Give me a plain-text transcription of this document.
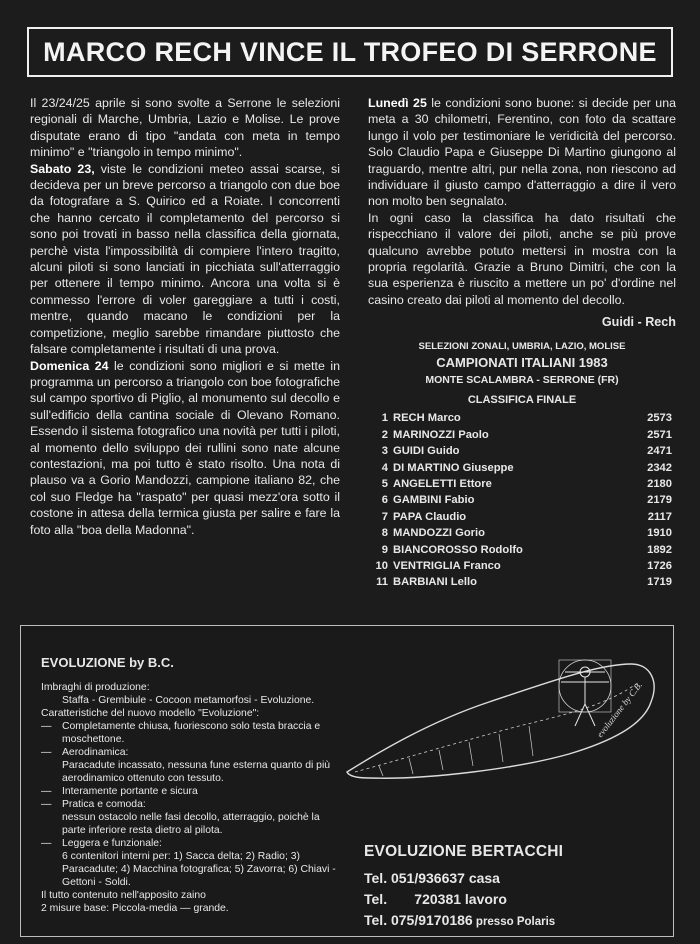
MARCO RECH VINCE IL TROFEO DI SERRONE

Il 23/24/25 aprile si sono svolte a Serrone le selezioni regionali di Marche, Umbria, Lazio e Molise. Le prove disputate erano di tipo "andata con meta in tempo minimo" e "triangolo in tempo minimo".

Sabato 23, viste le condizioni meteo assai scarse, si decideva per un breve percorso a triangolo con due boe da fotografare a S. Quirico ed a Roiate. I concorrenti che hanno cercato il completamento del percorso si sono poi trovati in basso nella classifica della giornata, perchè vista l'impossibilità di compiere l'intero tragitto, alcuni piloti si sono lanciati in picchiata sull'atterraggio per ottenere il tempo minimo. Ancora una volta si è commesso l'errore di voler gareggiare a tutti i costi, mentre, quando macano le condizioni per la competizione, meglio sarebbe rimandare piuttosto che falsare completamente i risultati di una prova.

Domenica 24 le condizioni sono migliori e si mette in programma un percorso a triangolo con boe fotografiche sul campo sportivo di Piglio, al monumento sul decollo e sull'edificio della cantina sociale di Olevano Romano. Essendo il sistema fotografico una novità per tutti i piloti, al momento dello sviluppo dei rullini sono nate alcune contestazioni, ma poi tutto è stato risolto. Una nota di plauso va a Gorio Mandozzi, campione italiano 82, che col suo Fledge ha "raspato" per quasi mezz'ora sotto il costone in attesa della termica giusta per salire e fare la foto alla "boa della Madonna".

Lunedì 25 le condizioni sono buone: si decide per una meta a 30 chilometri, Ferentino, con foto da scattare lungo il volo per testimoniare le veridicità del percorso. Solo Claudio Papa e Giuseppe Di Martino giungono al traguardo, mentre altri, pur nella zona, non riescono ad individuare il giusto campo d'atterraggio a dire il vero non molto ben segnalato.

In ogni caso la classifica ha dato risultati che rispecchiano il valore dei piloti, anche se più prove qualcuno avrebbe potuto mettersi in mostra con la propria regolarità. Grazie a Bruno Dimitri, che con la sua esperienza è riuscito a mettere un po' d'ordine nel casino creato dai piloti al momento del decollo.

Guidi - Rech
SELEZIONI ZONALI, UMBRIA, LAZIO, MOLISE
CAMPIONATI ITALIANI 1983
MONTE SCALAMBRA - SERRONE (FR)
CLASSIFICA FINALE
1	RECH Marco	2573
2	MARINOZZI Paolo	2571
3	GUIDI Guido	2471
4	DI MARTINO Giuseppe	2342
5	ANGELETTI Ettore	2180
6	GAMBINI Fabio	2179
7	PAPA Claudio	2117
8	MANDOZZI Gorio	1910
9	BIANCOROSSO Rodolfo	1892
10	VENTRIGLIA Franco	1726
11	BARBIANI Lello	1719
EVOLUZIONE by B.C.
Imbraghi di produzione:
Staffa - Grembiule - Cocoon metamorfosi - Evoluzione.
Caratteristiche del nuovo modello "Evoluzione":
— Completamente chiusa, fuoriescono solo testa braccia e moschettone.
— Aerodinamica:
Paracadute incassato, nessuna fune esterna quanto di più aerodinamico ottenuto con tessuto.
— Interamente portante e sicura
— Pratica e comoda:
nessun ostacolo nelle fasi decollo, atterraggio, poichè la parte inferiore resta dietro al pilota.
— Leggera e funzionale:
6 contenitori interni per: 1) Sacca delta; 2) Radio; 3) Paracadute; 4) Macchina fotografica; 5) Zavorra; 6) Chiavi - Gettoni - Soldi.
Il tutto contenuto nell'apposito zaino
2 misure base: Piccola-media — grande.
evoluzione by C.B.
EVOLUZIONE BERTACCHI
Tel. 051/936637 casa
Tel.       720381 lavoro
Tel. 075/9170186 presso Polaris
